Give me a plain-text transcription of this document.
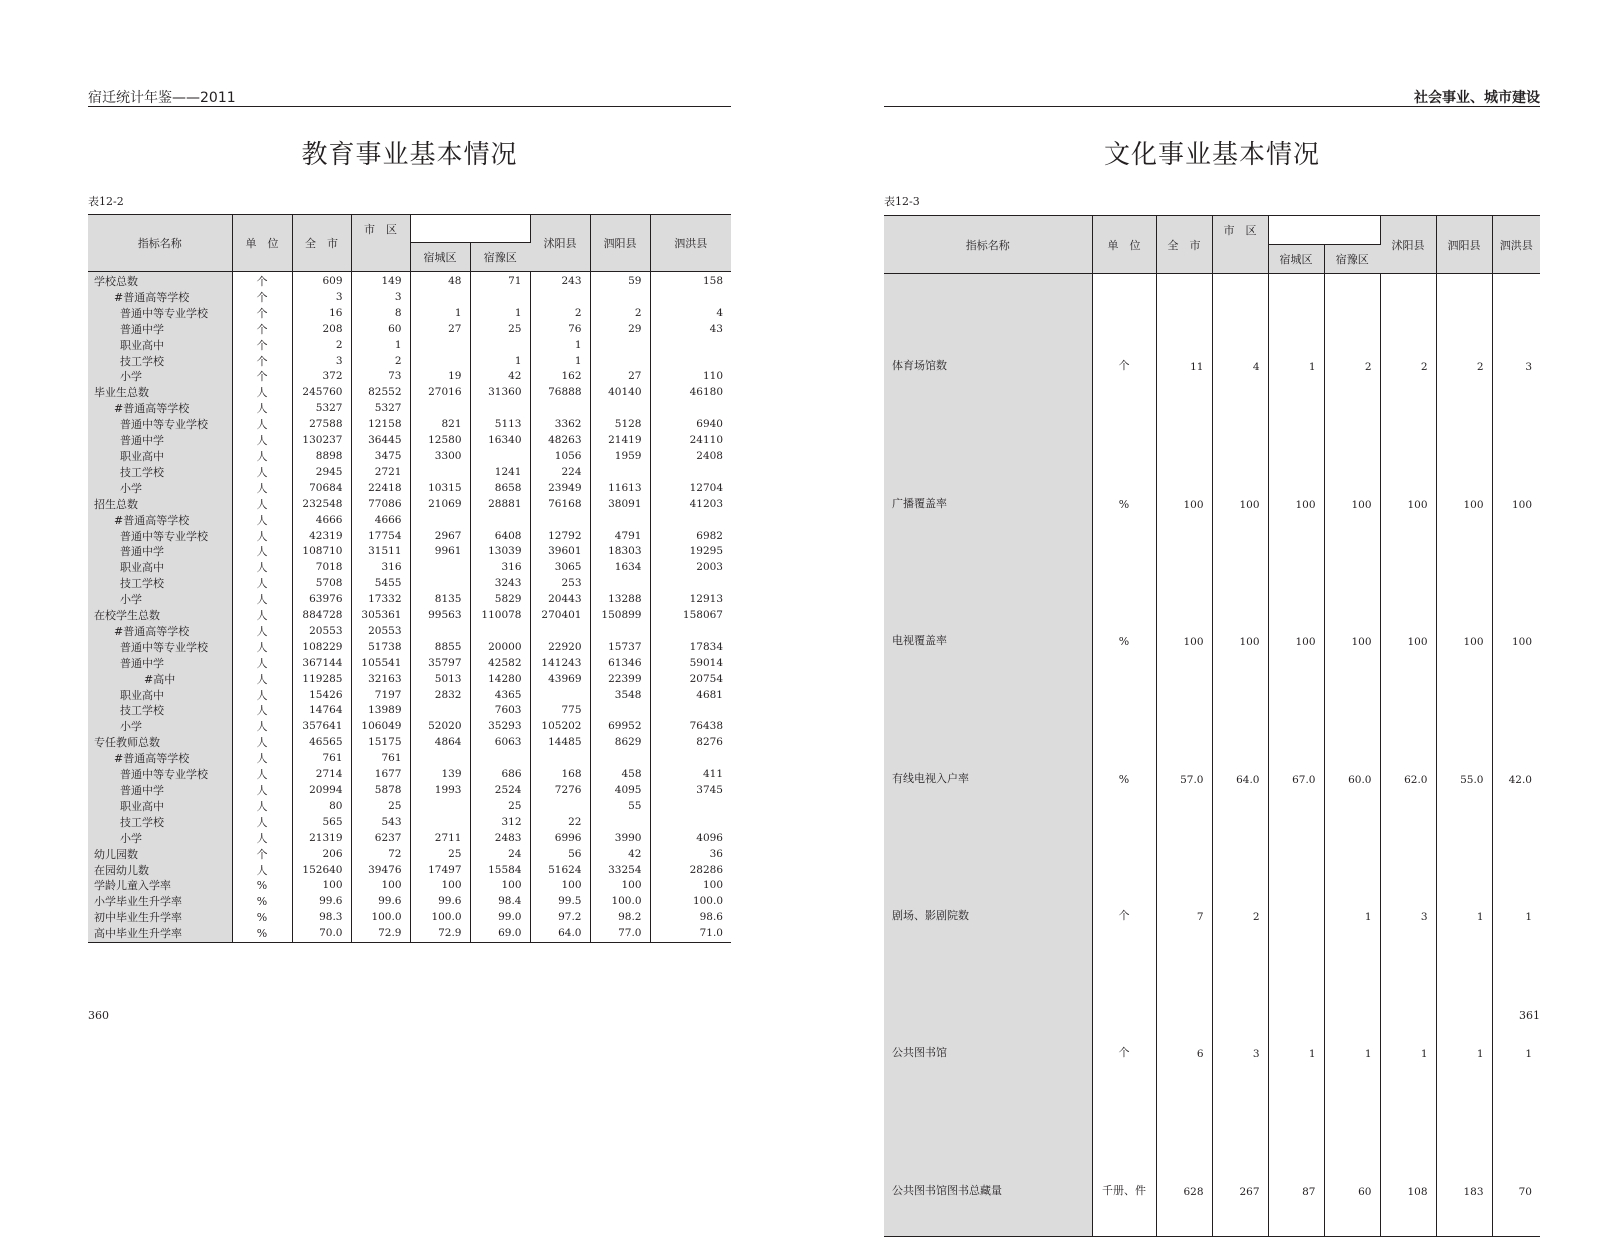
宿迁统计年鉴——2011
教育事业基本情况
表12-2
指标名称	单　位	全　市	市　区			沭阳县	泗阳县	泗洪县
				宿城区	宿豫区			
学校总数	个	609	149	48	71	243	59	158
#普通高等学校	个	3	3					
普通中等专业学校	个	16	8	1	1	2	2	4
普通中学	个	208	60	27	25	76	29	43
职业高中	个	2	1			1		
技工学校	个	3	2		1	1		
小学	个	372	73	19	42	162	27	110
毕业生总数	人	245760	82552	27016	31360	76888	40140	46180
#普通高等学校	人	5327	5327					
普通中等专业学校	人	27588	12158	821	5113	3362	5128	6940
普通中学	人	130237	36445	12580	16340	48263	21419	24110
职业高中	人	8898	3475	3300		1056	1959	2408
技工学校	人	2945	2721		1241	224		
小学	人	70684	22418	10315	8658	23949	11613	12704
招生总数	人	232548	77086	21069	28881	76168	38091	41203
#普通高等学校	人	4666	4666					
普通中等专业学校	人	42319	17754	2967	6408	12792	4791	6982
普通中学	人	108710	31511	9961	13039	39601	18303	19295
职业高中	人	7018	316		316	3065	1634	2003
技工学校	人	5708	5455		3243	253		
小学	人	63976	17332	8135	5829	20443	13288	12913
在校学生总数	人	884728	305361	99563	110078	270401	150899	158067
#普通高等学校	人	20553	20553					
普通中等专业学校	人	108229	51738	8855	20000	22920	15737	17834
普通中学	人	367144	105541	35797	42582	141243	61346	59014
#高中	人	119285	32163	5013	14280	43969	22399	20754
职业高中	人	15426	7197	2832	4365		3548	4681
技工学校	人	14764	13989		7603	775		
小学	人	357641	106049	52020	35293	105202	69952	76438
专任教师总数	人	46565	15175	4864	6063	14485	8629	8276
#普通高等学校	人	761	761					
普通中等专业学校	人	2714	1677	139	686	168	458	411
普通中学	人	20994	5878	1993	2524	7276	4095	3745
职业高中	人	80	25		25		55	
技工学校	人	565	543		312	22		
小学	人	21319	6237	2711	2483	6996	3990	4096
幼儿园数	个	206	72	25	24	56	42	36
在园幼儿数	人	152640	39476	17497	15584	51624	33254	28286
学龄儿童入学率	%	100	100	100	100	100	100	100
小学毕业生升学率	%	99.6	99.6	99.6	98.4	99.5	100.0	100.0
初中毕业生升学率	%	98.3	100.0	100.0	99.0	97.2	98.2	98.6
高中毕业生升学率	%	70.0	72.9	72.9	69.0	64.0	77.0	71.0
360
社会事业、城市建设
文化事业基本情况
表12-3
指标名称	单　位	全　市	市　区			沭阳县	泗阳县	泗洪县
				宿城区	宿豫区			
体育场馆数	个	11	4	1	2	2	2	3
广播覆盖率	%	100	100	100	100	100	100	100
电视覆盖率	%	100	100	100	100	100	100	100
有线电视入户率	%	57.0	64.0	67.0	60.0	62.0	55.0	42.0
剧场、影剧院数	个	7	2		1	3	1	1
公共图书馆	个	6	3	1	1	1	1	1
公共图书馆图书总藏量	千册、件	628	267	87	60	108	183	70
361
